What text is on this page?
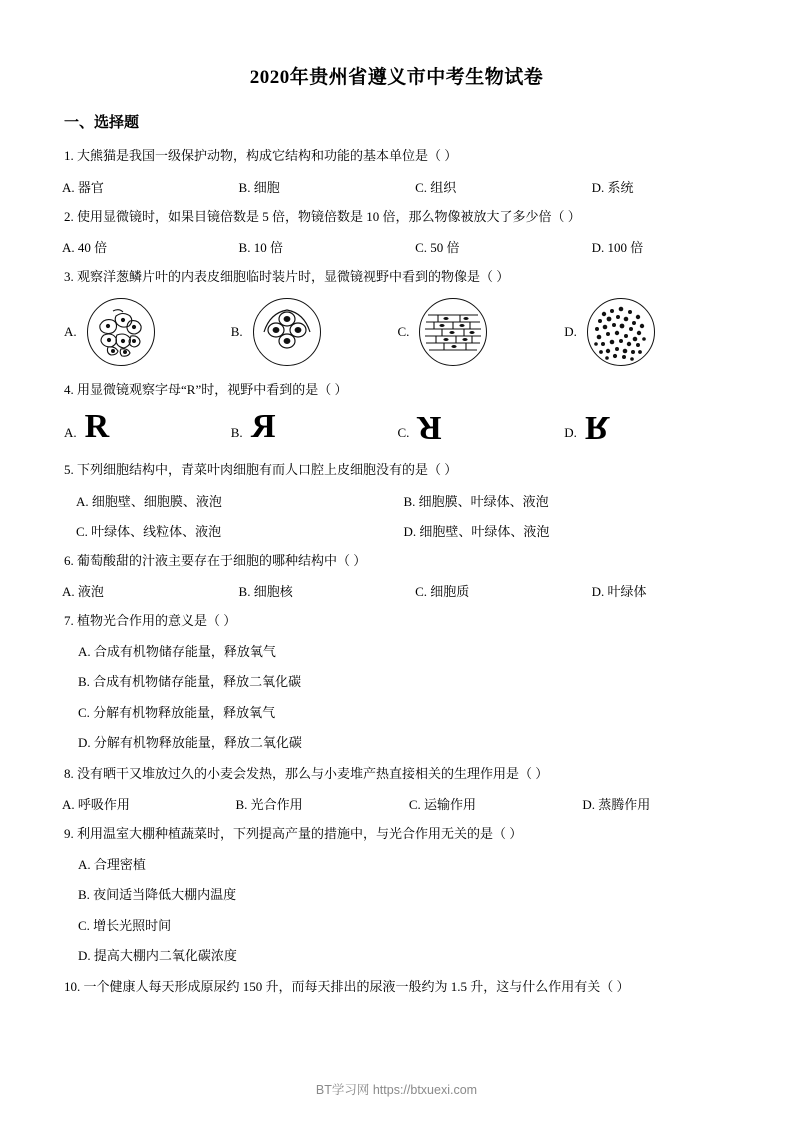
2020年贵州省遵义市中考生物试卷
一、选择题
1. 大熊猫是我国一级保护动物，构成它结构和功能的基本单位是（ ）
A. 器官	B. 细胞	C. 组织	D. 系统
2. 使用显微镜时，如果目镜倍数是 5 倍，物镜倍数是 10 倍，那么物像被放大了多少倍（ ）
A. 40 倍	B. 10 倍	C. 50 倍	D. 100 倍
3. 观察洋葱鳞片叶的内表皮细胞临时装片时，显微镜视野中看到的物像是（ ）
A.	B.	C.	D.
4. 用显微镜观察字母“R”时，视野中看到的是（ ）
A. R	B. R	C. R	D. R
5. 下列细胞结构中，青菜叶肉细胞有而人口腔上皮细胞没有的是（ ）
A. 细胞壁、细胞膜、液泡	B. 细胞膜、叶绿体、液泡
C. 叶绿体、线粒体、液泡	D. 细胞壁、叶绿体、液泡
6. 葡萄酸甜的汁液主要存在于细胞的哪种结构中（ ）
A. 液泡	B. 细胞核	C. 细胞质	D. 叶绿体
7. 植物光合作用的意义是（ ）
A. 合成有机物储存能量，释放氧气
B. 合成有机物储存能量，释放二氧化碳
C. 分解有机物释放能量，释放氧气
D. 分解有机物释放能量，释放二氧化碳
8. 没有晒干又堆放过久的小麦会发热，那么与小麦堆产热直接相关的生理作用是（ ）
A. 呼吸作用	B. 光合作用	C. 运输作用	D. 蒸腾作用
9. 利用温室大棚种植蔬菜时，下列提高产量的措施中，与光合作用无关的是（ ）
A. 合理密植
B. 夜间适当降低大棚内温度
C. 增长光照时间
D. 提高大棚内二氧化碳浓度
10. 一个健康人每天形成原尿约 150 升，而每天排出的尿液一般约为 1.5 升，这与什么作用有关（ ）
BT学习网 https://btxuexi.com
